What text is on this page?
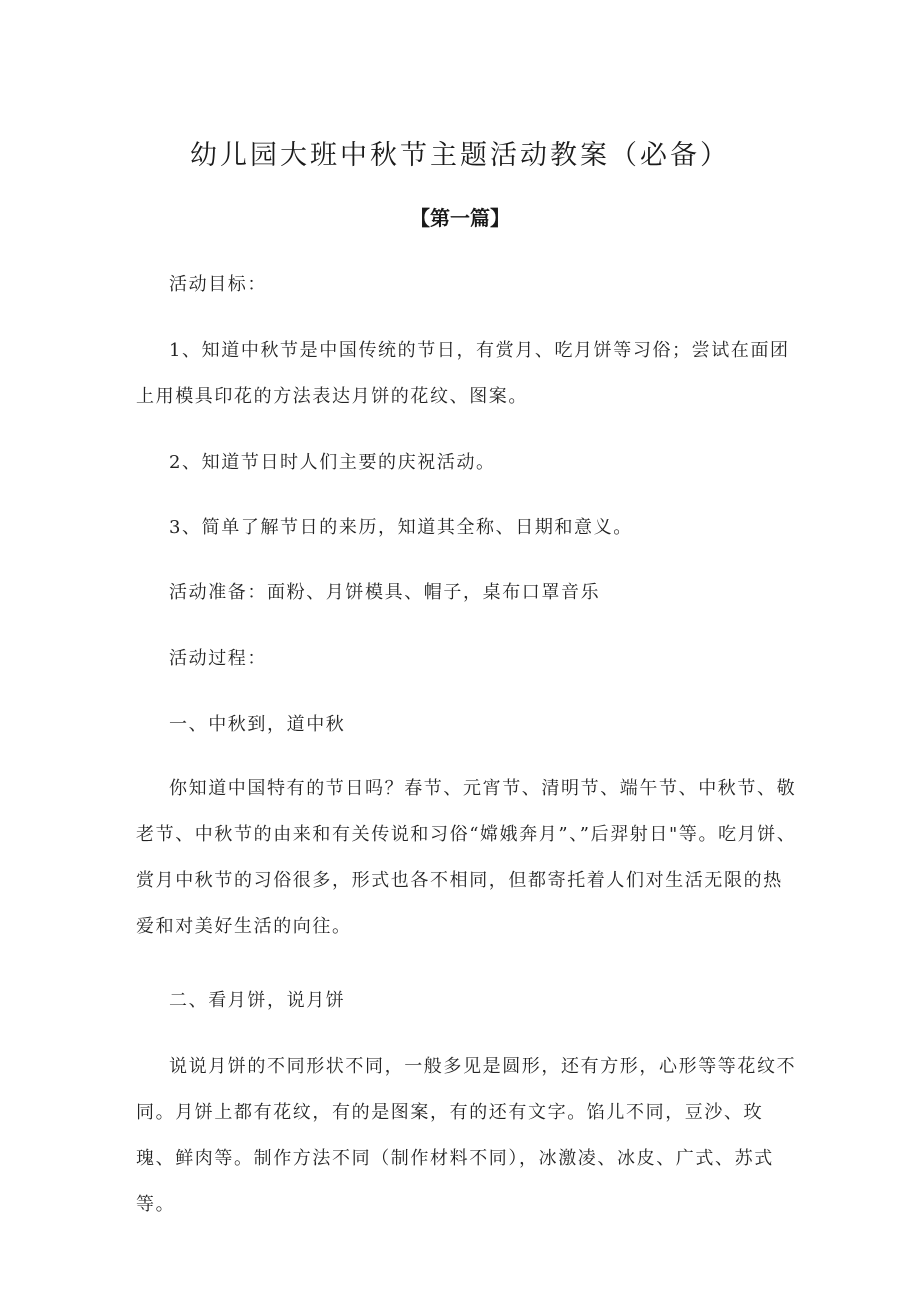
幼儿园大班中秋节主题活动教案（必备）
【第一篇】

活动目标：

1、知道中秋节是中国传统的节日，有赏月、吃月饼等习俗；尝试在面团上用模具印花的方法表达月饼的花纹、图案。

2、知道节日时人们主要的庆祝活动。

3、简单了解节日的来历，知道其全称、日期和意义。

活动准备：面粉、月饼模具、帽子，桌布口罩音乐

活动过程：

一、中秋到，道中秋

你知道中国特有的节日吗？春节、元宵节、清明节、端午节、中秋节、敬老节、中秋节的由来和有关传说和习俗“嫦娥奔月”、”后羿射日"等。吃月饼、赏月中秋节的习俗很多，形式也各不相同，但都寄托着人们对生活无限的热爱和对美好生活的向往。

二、看月饼，说月饼

说说月饼的不同形状不同，一般多见是圆形，还有方形，心形等等花纹不同。月饼上都有花纹，有的是图案，有的还有文字。馅儿不同，豆沙、玫瑰、鲜肉等。制作方法不同（制作材料不同），冰激凌、冰皮、广式、苏式等。
